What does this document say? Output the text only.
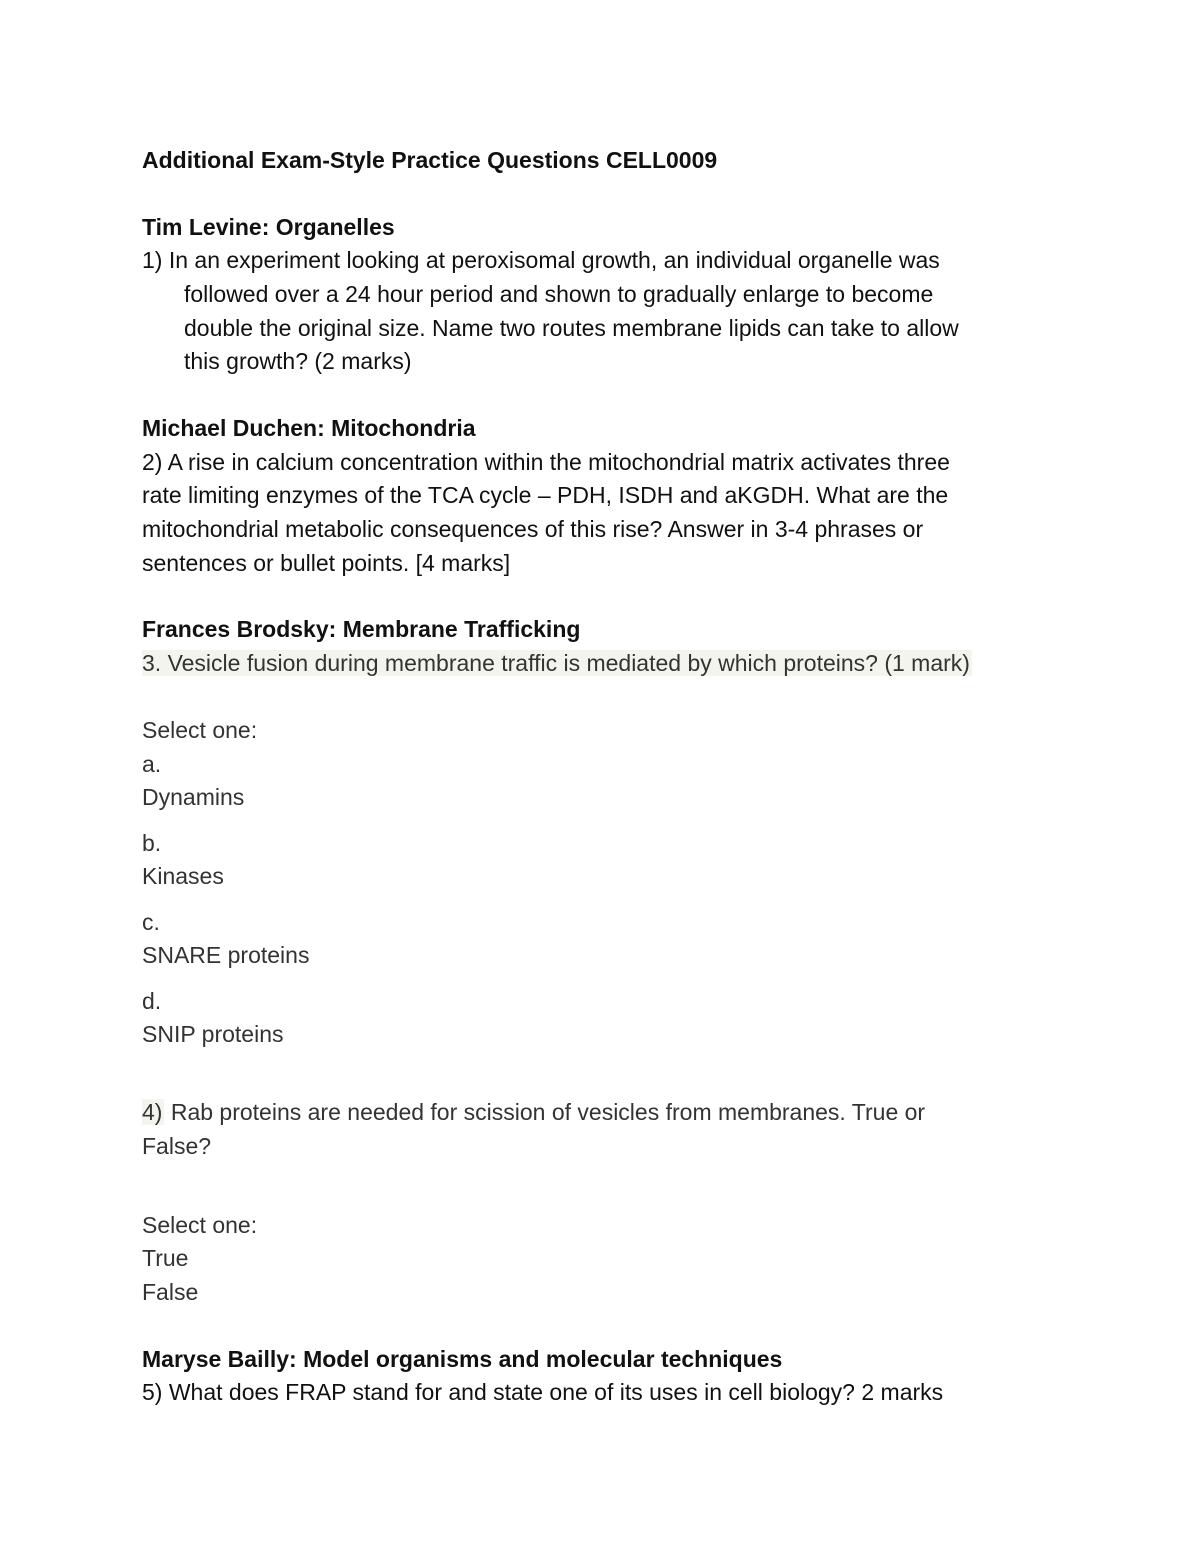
Additional Exam-Style Practice Questions CELL0009
Tim Levine: Organelles
1) In an experiment looking at peroxisomal growth, an individual organelle was
followed over a 24 hour period and shown to gradually enlarge to become
double the original size. Name two routes membrane lipids can take to allow
this growth? (2 marks)
Michael Duchen: Mitochondria
2) A rise in calcium concentration within the mitochondrial matrix activates three
rate limiting enzymes of the TCA cycle – PDH, ISDH and aKGDH. What are the
mitochondrial metabolic consequences of this rise? Answer in 3-4 phrases or
sentences or bullet points. [4 marks]
Frances Brodsky: Membrane Trafficking
3. Vesicle fusion during membrane traffic is mediated by which proteins? (1 mark)
Select one:
a.
Dynamins
b.
Kinases
c.
SNARE proteins
d.
SNIP proteins
4) Rab proteins are needed for scission of vesicles from membranes. True or
False?
Select one:
True
False
Maryse Bailly: Model organisms and molecular techniques
5) What does FRAP stand for and state one of its uses in cell biology? 2 marks
